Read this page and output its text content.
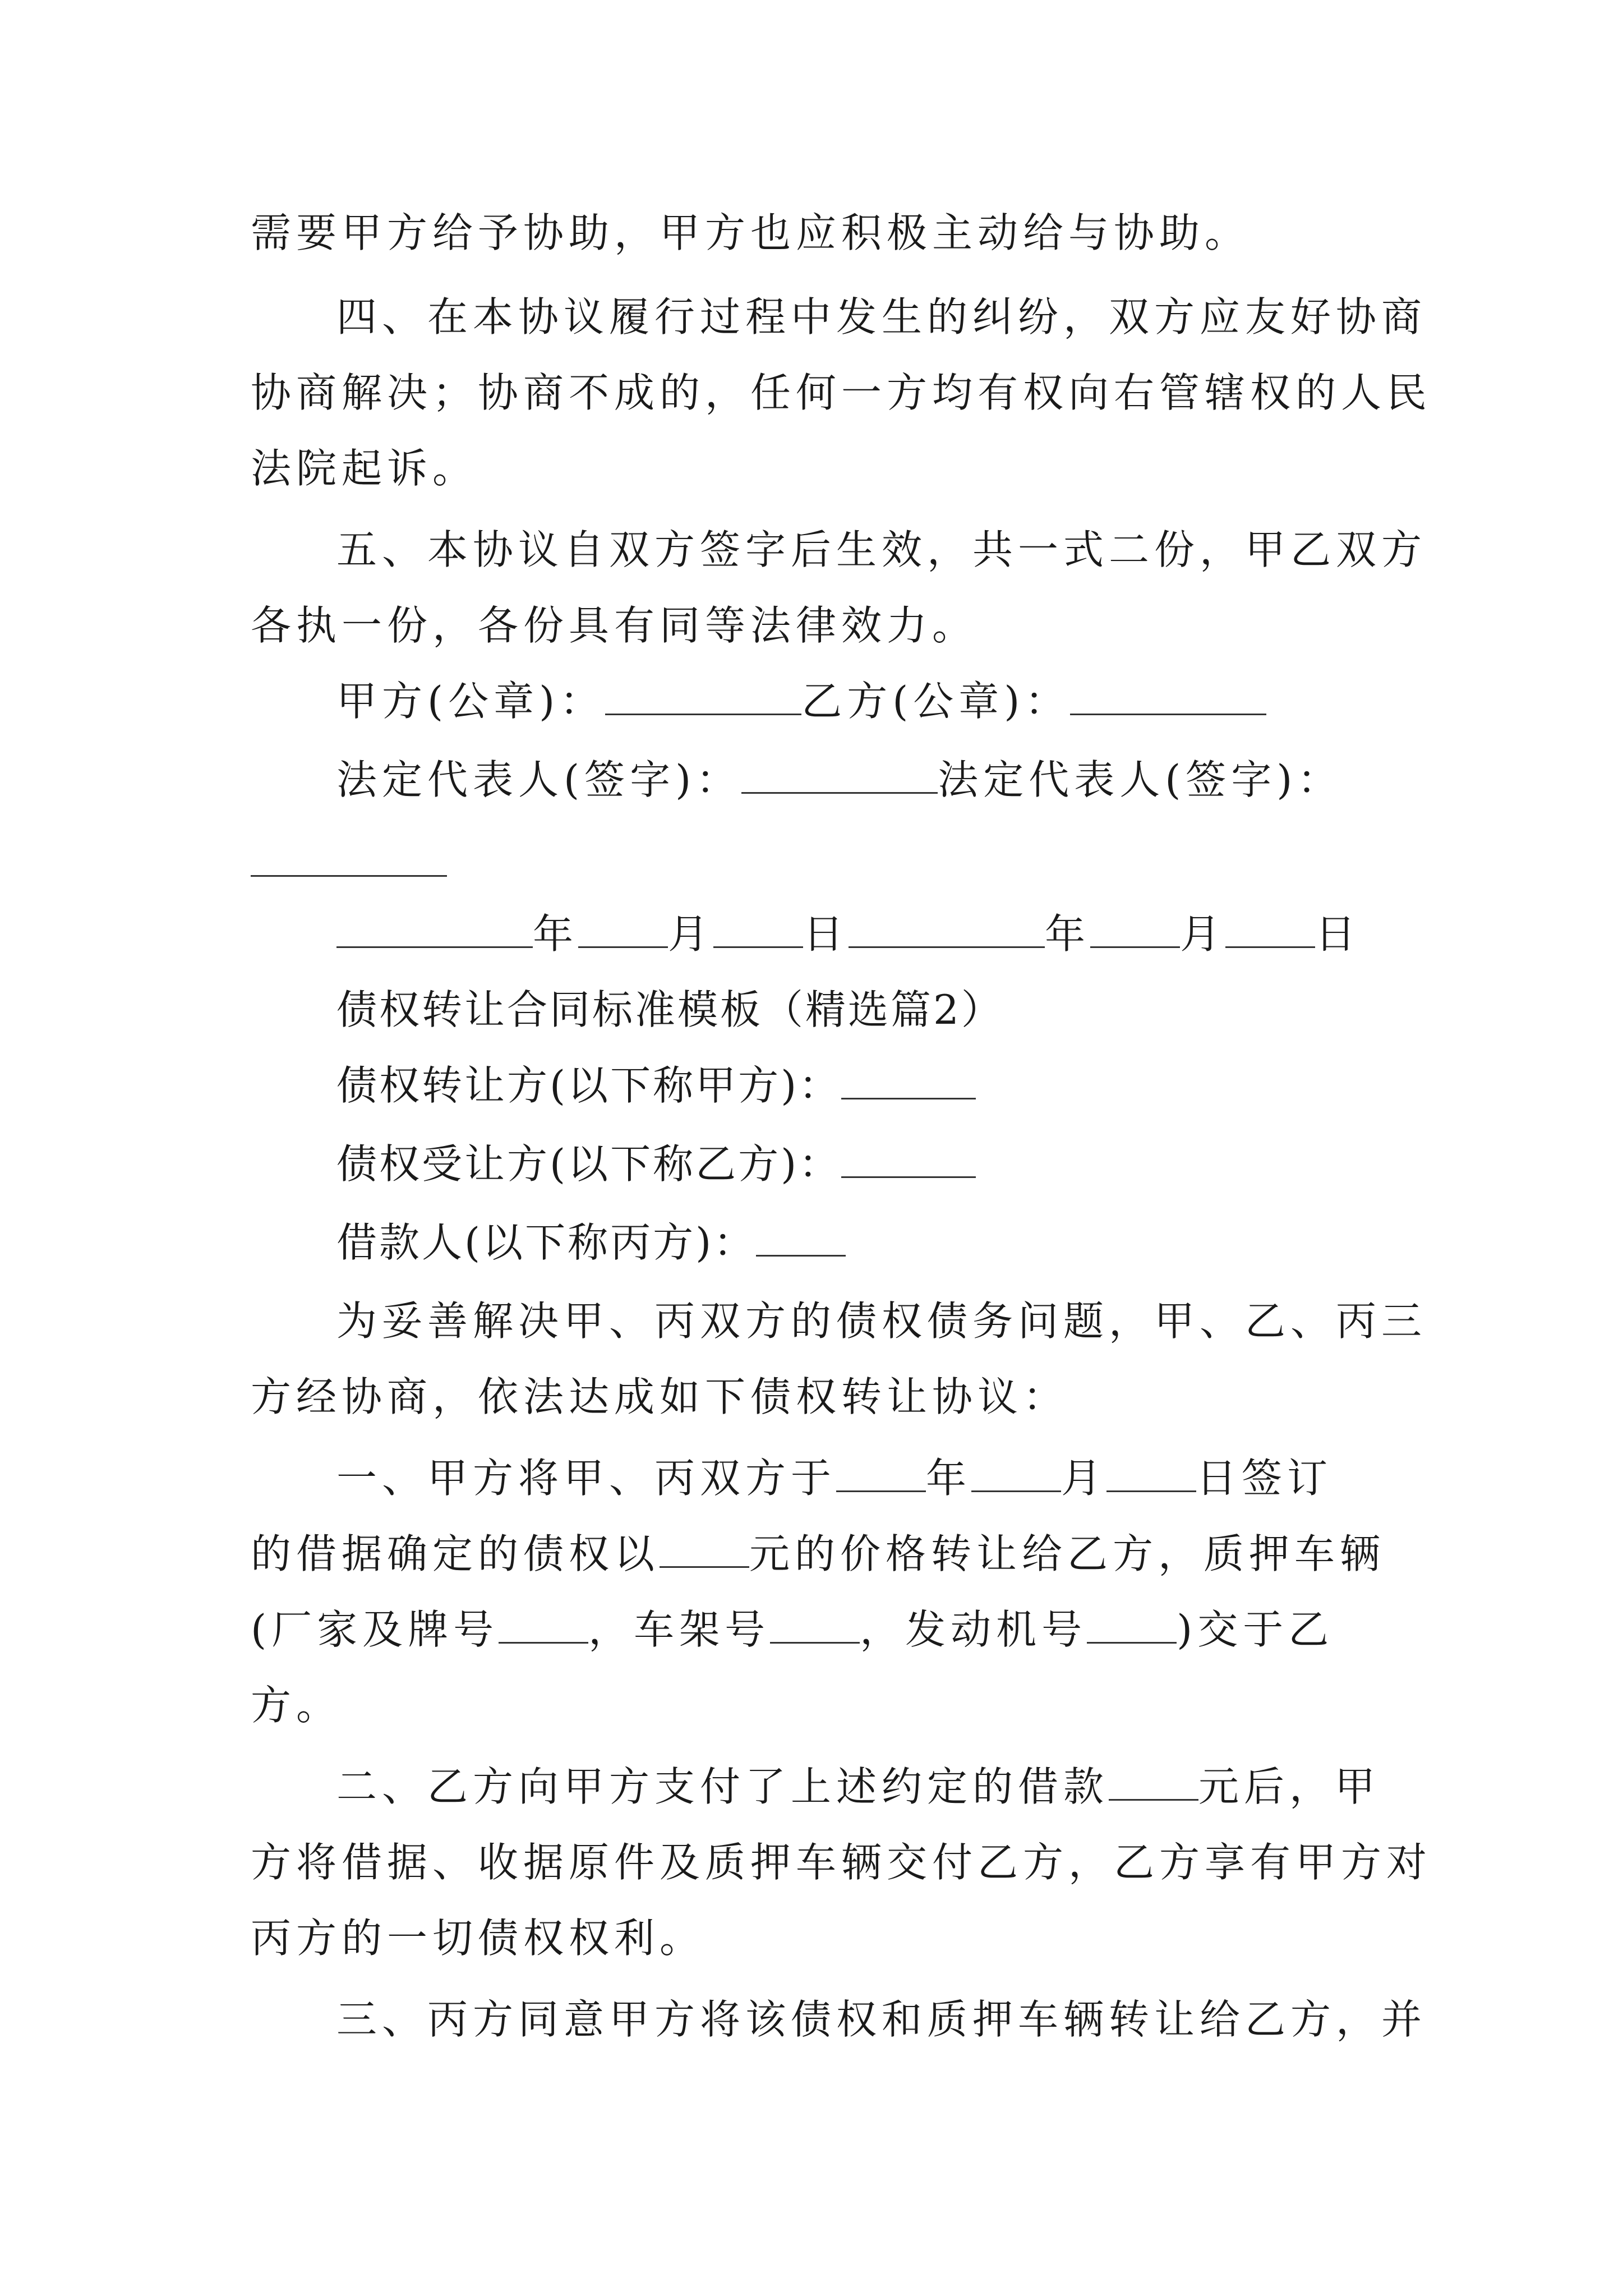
需要甲方给予协助，甲方也应积极主动给与协助。
四、在本协议履行过程中发生的纠纷，双方应友好协商
协商解决；协商不成的，任何一方均有权向右管辖权的人民
法院起诉。
五、本协议自双方签字后生效，共一式二份，甲乙双方
各执一份，各份具有同等法律效力。
甲方(公章)：	乙方(公章)：
法定代表人(签字)：	法定代表人(签字)：
年 月 日	年 月 日
债权转让合同标准模板（精选篇2）
债权转让方(以下称甲方)：
债权受让方(以下称乙方)：
借款人(以下称丙方)：
为妥善解决甲、丙双方的债权债务问题，甲、乙、丙三
方经协商，依法达成如下债权转让协议：
一、甲方将甲、丙双方于 年 月 日签订
的借据确定的债权以 元的价格转让给乙方，质押车辆
(厂家及牌号 ，车架号 ，发动机号 )交于乙
方。
二、乙方向甲方支付了上述约定的借款 元后，甲
方将借据、收据原件及质押车辆交付乙方，乙方享有甲方对
丙方的一切债权权利。
三、丙方同意甲方将该债权和质押车辆转让给乙方，并
